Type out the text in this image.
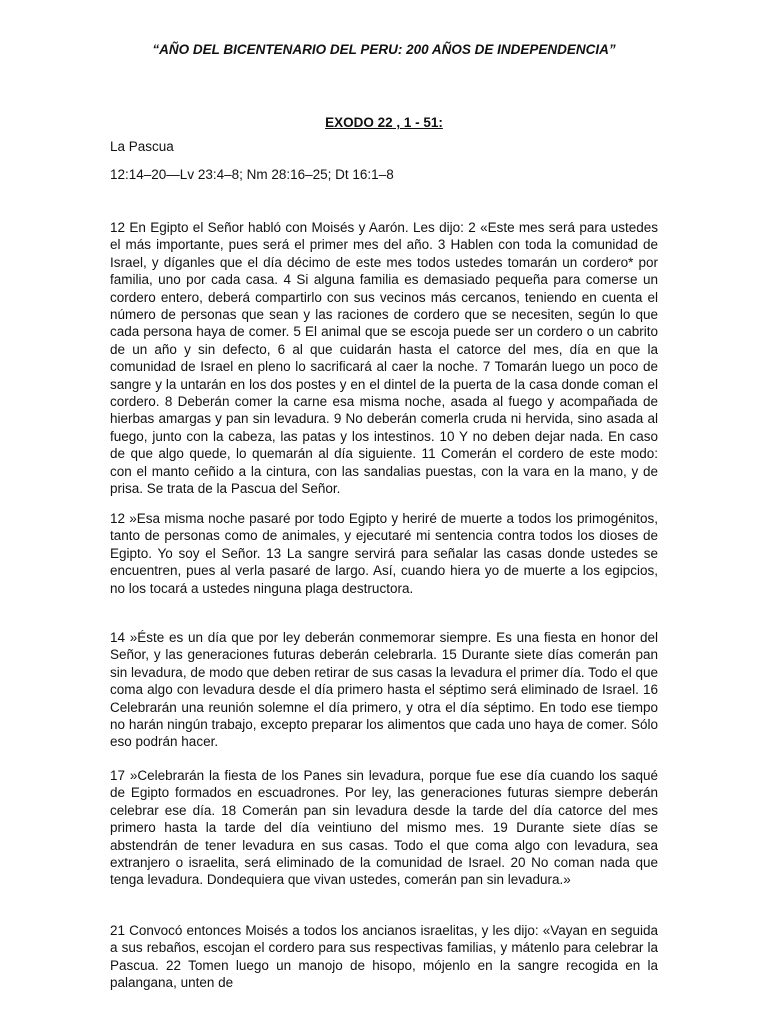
“AÑO DEL BICENTENARIO DEL PERU: 200 AÑOS DE INDEPENDENCIA”
EXODO 22 , 1 - 51:
La Pascua
12:14–20—Lv 23:4–8; Nm 28:16–25; Dt 16:1–8

12 En Egipto el Señor habló con Moisés y Aarón. Les dijo: 2 «Este mes será para ustedes el más importante, pues será el primer mes del año. 3 Hablen con toda la comunidad de Israel, y díganles que el día décimo de este mes todos ustedes tomarán un cordero* por familia, uno por cada casa. 4 Si alguna familia es demasiado pequeña para comerse un cordero entero, deberá compartirlo con sus vecinos más cercanos, teniendo en cuenta el número de personas que sean y las raciones de cordero que se necesiten, según lo que cada persona haya de comer. 5 El animal que se escoja puede ser un cordero o un cabrito de un año y sin defecto, 6 al que cuidarán hasta el catorce del mes, día en que la comunidad de Israel en pleno lo sacrificará al caer la noche. 7 Tomarán luego un poco de sangre y la untarán en los dos postes y en el dintel de la puerta de la casa donde coman el cordero. 8 Deberán comer la carne esa misma noche, asada al fuego y acompañada de hierbas amargas y pan sin levadura. 9 No deberán comerla cruda ni hervida, sino asada al fuego, junto con la cabeza, las patas y los intestinos. 10 Y no deben dejar nada. En caso de que algo quede, lo quemarán al día siguiente. 11 Comerán el cordero de este modo: con el manto ceñido a la cintura, con las sandalias puestas, con la vara en la mano, y de prisa. Se trata de la Pascua del Señor.

12 »Esa misma noche pasaré por todo Egipto y heriré de muerte a todos los primogénitos, tanto de personas como de animales, y ejecutaré mi sentencia contra todos los dioses de Egipto. Yo soy el Señor. 13 La sangre servirá para señalar las casas donde ustedes se encuentren, pues al verla pasaré de largo. Así, cuando hiera yo de muerte a los egipcios, no los tocará a ustedes ninguna plaga destructora.

14 »Éste es un día que por ley deberán conmemorar siempre. Es una fiesta en honor del Señor, y las generaciones futuras deberán celebrarla. 15 Durante siete días comerán pan sin levadura, de modo que deben retirar de sus casas la levadura el primer día. Todo el que coma algo con levadura desde el día primero hasta el séptimo será eliminado de Israel. 16 Celebrarán una reunión solemne el día primero, y otra el día séptimo. En todo ese tiempo no harán ningún trabajo, excepto preparar los alimentos que cada uno haya de comer. Sólo eso podrán hacer.

17 »Celebrarán la fiesta de los Panes sin levadura, porque fue ese día cuando los saqué de Egipto formados en escuadrones. Por ley, las generaciones futuras siempre deberán celebrar ese día. 18 Comerán pan sin levadura desde la tarde del día catorce del mes primero hasta la tarde del día veintiuno del mismo mes. 19 Durante siete días se abstendrán de tener levadura en sus casas. Todo el que coma algo con levadura, sea extranjero o israelita, será eliminado de la comunidad de Israel. 20 No coman nada que tenga levadura. Dondequiera que vivan ustedes, comerán pan sin levadura.»

21 Convocó entonces Moisés a todos los ancianos israelitas, y les dijo: «Vayan en seguida a sus rebaños, escojan el cordero para sus respectivas familias, y mátenlo para celebrar la Pascua. 22 Tomen luego un manojo de hisopo, mójenlo en la sangre recogida en la palangana, unten de
